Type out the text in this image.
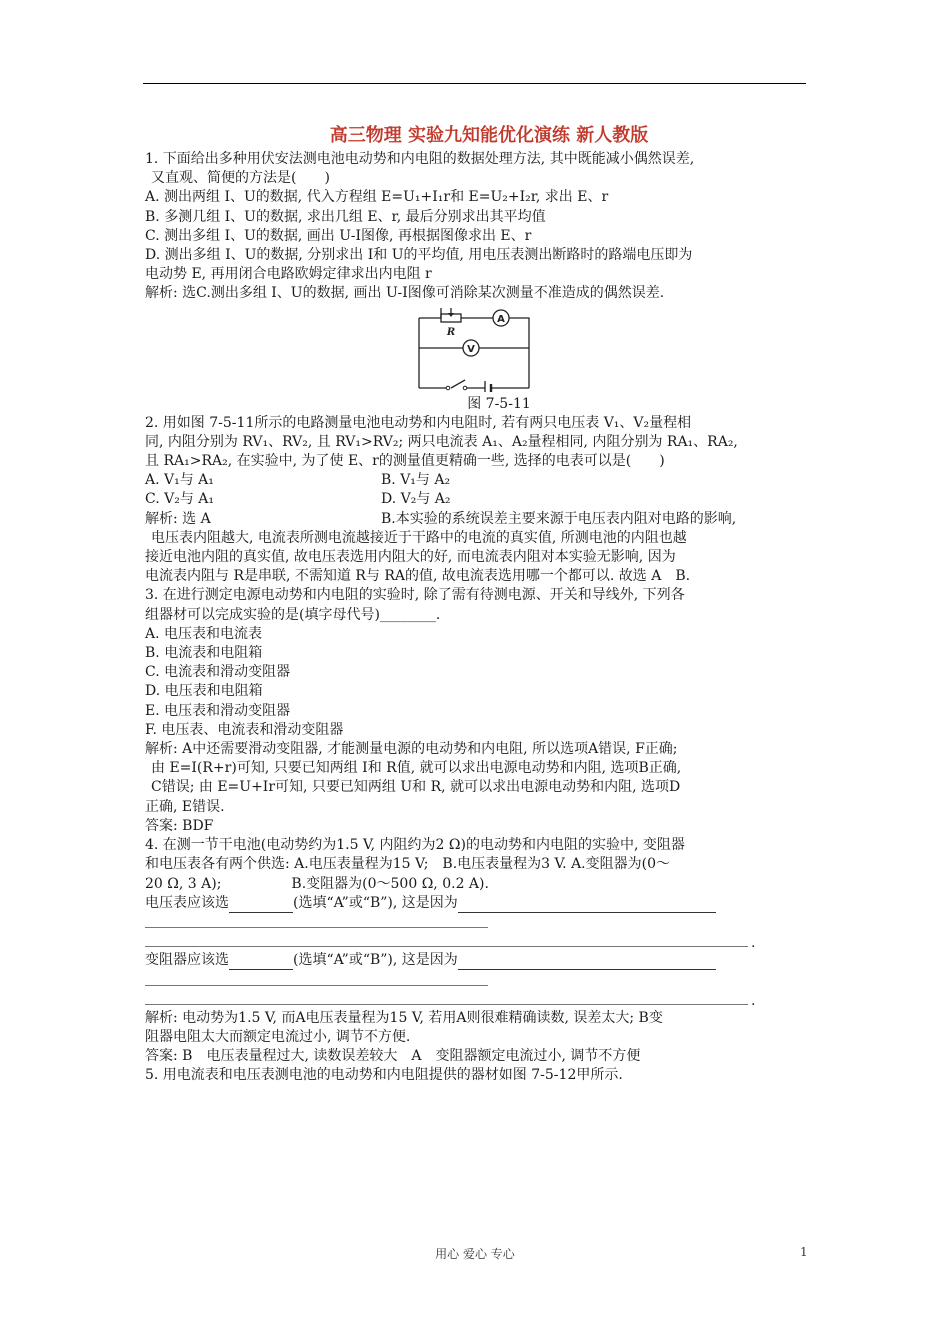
高三物理 实验九知能优化演练 新人教版

1. 下面给出多种用伏安法测电池电动势和内电阻的数据处理方法, 其中既能减小偶然误差,

又直观、简便的方法是(　　)

A. 测出两组 I、U的数据, 代入方程组 E=U₁+I₁r和 E=U₂+I₂r, 求出 E、r

B. 多测几组 I、U的数据, 求出几组 E、r, 最后分别求出其平均值

C. 测出多组 I、U的数据, 画出 U-I图像, 再根据图像求出 E、r

D. 测出多组 I、U的数据, 分别求出 I和 U的平均值, 用电压表测出断路时的路端电压即为

电动势 E, 再用闭合电路欧姆定律求出内电阻 r

解析: 选C.测出多组 I、U的数据, 画出 U-I图像可消除某次测量不准造成的偶然误差.

R
A
V
图 7-5-11

2. 用如图 7-5-11所示的电路测量电池电动势和内电阻时, 若有两只电压表 V₁、V₂量程相

同, 内阻分别为 RV₁、RV₂, 且 RV₁>RV₂; 两只电流表 A₁、A₂量程相同, 内阻分别为 RA₁、RA₂,

且 RA₁>RA₂, 在实验中, 为了使 E、r的测量值更精确一些, 选择的电表可以是(　　)

A. V₁与 A₁	B. V₁与 A₂
C. V₂与 A₁	D. V₂与 A₂
解析: 选 A	B.本实验的系统误差主要来源于电压表内阻对电路的影响,

电压表内阻越大, 电流表所测电流越接近于干路中的电流的真实值, 所测电池的内阻也越

接近电池内阻的真实值, 故电压表选用内阻大的好, 而电流表内阻对本实验无影响, 因为

电流表内阻与 R是串联, 不需知道 R与 RA的值, 故电流表选用哪一个都可以. 故选 A　B.

3. 在进行测定电源电动势和内电阻的实验时, 除了需有待测电源、开关和导线外, 下列各

组器材可以完成实验的是(填字母代号)________.

A. 电压表和电流表

B. 电流表和电阻箱

C. 电流表和滑动变阻器

D. 电压表和电阻箱

E. 电压表和滑动变阻器

F. 电压表、电流表和滑动变阻器

解析: A中还需要滑动变阻器, 才能测量电源的电动势和内电阻, 所以选项A错误, F正确;

由 E=I(R+r)可知, 只要已知两组 I和 R值, 就可以求出电源电动势和内阻, 选项B正确,

C错误; 由 E=U+Ir可知, 只要已知两组 U和 R, 就可以求出电源电动势和内阻, 选项D

正确, E错误.

答案: BDF

4. 在测一节干电池(电动势约为1.5 V, 内阻约为2 Ω)的电动势和内电阻的实验中, 变阻器

和电压表各有两个供选: A.电压表量程为15 V;　B.电压表量程为3 V. A.变阻器为(0～

20 Ω, 3 A);　　　　　B.变阻器为(0～500 Ω, 0.2 A).

电压表应该选	(选填“A”或“B”), 这是因为

.

变阻器应该选	(选填“A”或“B”), 这是因为

.

解析: 电动势为1.5 V, 而A电压表量程为15 V, 若用A则很难精确读数, 误差太大; B变

阻器电阻太大而额定电流过小, 调节不方便.

答案: B　电压表量程过大, 读数误差较大　A　变阻器额定电流过小, 调节不方便

5. 用电流表和电压表测电池的电动势和内电阻提供的器材如图 7-5-12甲所示.

用心 爱心 专心	1
